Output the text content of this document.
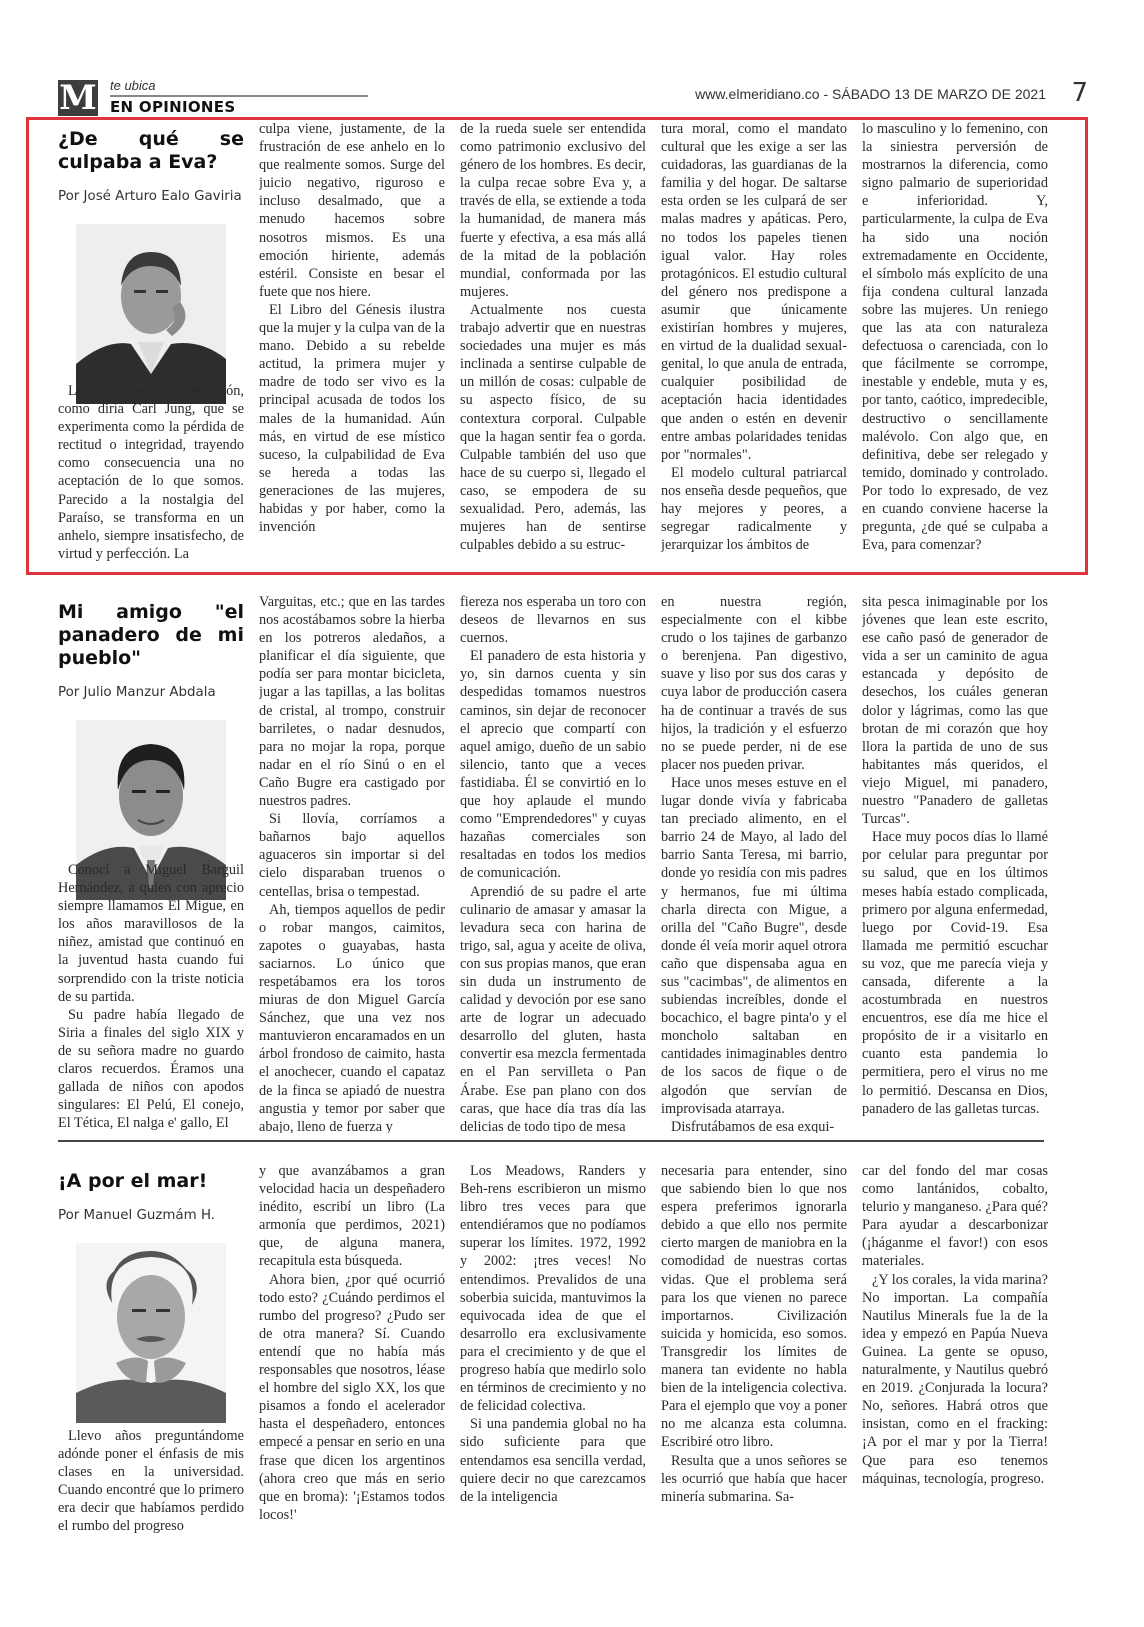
M te ubica
EN OPINIONES
www.elmeridiano.co - SÁBADO 13 DE MARZO DE 2021 7
¿De qué se culpaba a Eva?
Por José Arturo Ealo Gaviria

La culpa es una emoción, como diría Carl Jung, que se experimenta como la pérdida de rectitud o integridad, trayendo como consecuencia una no aceptación de lo que somos. Parecido a la nostalgia del Paraíso, se transforma en un anhelo, siempre insatisfecho, de virtud y perfección. La

culpa viene, justamente, de la frustración de ese anhelo en lo que realmente somos. Surge del juicio negativo, riguroso e incluso desalmado, que a menudo hacemos sobre nosotros mismos. Es una emoción hiriente, además estéril. Consiste en besar el fuete que nos hiere.

El Libro del Génesis ilustra que la mujer y la culpa van de la mano. Debido a su rebelde actitud, la primera mujer y madre de todo ser vivo es la principal acusada de todos los males de la humanidad. Aún más, en virtud de ese místico suceso, la culpabilidad de Eva se hereda a todas las generaciones de las mujeres, habidas y por haber, como la invención

de la rueda suele ser entendida como patrimonio exclusivo del género de los hombres. Es decir, la culpa recae sobre Eva y, a través de ella, se extiende a toda la humanidad, de manera más fuerte y efectiva, a esa más allá de la mitad de la población mundial, conformada por las mujeres.

Actualmente nos cuesta trabajo advertir que en nuestras sociedades una mujer es más inclinada a sentirse culpable de un millón de cosas: culpable de su aspecto físico, de su contextura corporal. Culpable que la hagan sentir fea o gorda. Culpable también del uso que hace de su cuerpo si, llegado el caso, se empodera de su sexualidad. Pero, además, las mujeres han de sentirse culpables debido a su estruc-

tura moral, como el mandato cultural que les exige a ser las cuidadoras, las guardianas de la familia y del hogar. De saltarse esta orden se les culpará de ser malas madres y apáticas. Pero, no todos los papeles tienen igual valor. Hay roles protagónicos. El estudio cultural del género nos predispone a asumir que únicamente existirían hombres y mujeres, en virtud de la dualidad sexual-genital, lo que anula de entrada, cualquier posibilidad de aceptación hacia identidades que anden o estén en devenir entre ambas polaridades tenidas por "normales".

El modelo cultural patriarcal nos enseña desde pequeños, que hay mejores y peores, a segregar radicalmente y jerarquizar los ámbitos de

lo masculino y lo femenino, con la siniestra perversión de mostrarnos la diferencia, como signo palmario de superioridad e inferioridad. Y, particularmente, la culpa de Eva ha sido una noción extremadamente en Occidente, el símbolo más explícito de una fija condena cultural lanzada sobre las mujeres. Un reniego que las ata con naturaleza defectuosa o carenciada, con lo que fácilmente se corrompe, inestable y endeble, muta y es, por tanto, caótico, impredecible, destructivo o sencillamente malévolo. Con algo que, en definitiva, debe ser relegado y temido, dominado y controlado. Por todo lo expresado, de vez en cuando conviene hacerse la pregunta, ¿de qué se culpaba a Eva, para comenzar?

Mi amigo "el panadero de mi pueblo"
Por Julio Manzur Abdala

Conocí a Miguel Barguil Hernández, a quien con aprecio siempre llamamos El Migue, en los años maravillosos de la niñez, amistad que continuó en la juventud hasta cuando fui sorprendido con la triste noticia de su partida.

Su padre había llegado de Siria a finales del siglo XIX y de su señora madre no guardo claros recuerdos. Éramos una gallada de niños con apodos singulares: El Pelú, El conejo, El Tética, El nalga e' gallo, El

Varguitas, etc.; que en las tardes nos acostábamos sobre la hierba en los potreros aledaños, a planificar el día siguiente, que podía ser para montar bicicleta, jugar a las tapillas, a las bolitas de cristal, al trompo, construir barriletes, o nadar desnudos, para no mojar la ropa, porque nadar en el río Sinú o en el Caño Bugre era castigado por nuestros padres.

Si llovía, corríamos a bañarnos bajo aquellos aguaceros sin importar si del cielo disparaban truenos o centellas, brisa o tempestad.

Ah, tiempos aquellos de pedir o robar mangos, caimitos, zapotes o guayabas, hasta saciarnos. Lo único que respetábamos era los toros miuras de don Miguel García Sánchez, que una vez nos mantuvieron encaramados en un árbol frondoso de caimito, hasta el anochecer, cuando el capataz de la finca se apiadó de nuestra angustia y temor por saber que abajo, lleno de fuerza y

fiereza nos esperaba un toro con deseos de llevarnos en sus cuernos.

El panadero de esta historia y yo, sin darnos cuenta y sin despedidas tomamos nuestros caminos, sin dejar de reconocer el aprecio que compartí con aquel amigo, dueño de un sabio silencio, tanto que a veces fastidiaba. Él se convirtió en lo que hoy aplaude el mundo como "Emprendedores" y cuyas hazañas comerciales son resaltadas en todos los medios de comunicación.

Aprendió de su padre el arte culinario de amasar y amasar la levadura seca con harina de trigo, sal, agua y aceite de oliva, con sus propias manos, que eran sin duda un instrumento de calidad y devoción por ese sano arte de lograr un adecuado desarrollo del gluten, hasta convertir esa mezcla fermentada en el Pan servilleta o Pan Árabe. Ese pan plano con dos caras, que hace día tras día las delicias de todo tipo de mesa

en nuestra región, especialmente con el kibbe crudo o los tajines de garbanzo o berenjena. Pan digestivo, suave y liso por sus dos caras y cuya labor de producción casera ha de continuar a través de sus hijos, la tradición y el esfuerzo no se puede perder, ni de ese placer nos pueden privar.

Hace unos meses estuve en el lugar donde vivía y fabricaba tan preciado alimento, en el barrio 24 de Mayo, al lado del barrio Santa Teresa, mi barrio, donde yo residía con mis padres y hermanos, fue mi última charla directa con Migue, a orilla del "Caño Bugre", desde donde él veía morir aquel otrora caño que dispensaba agua en sus "cacimbas", de alimentos en subiendas increíbles, donde el bocachico, el bagre pinta'o y el moncholo saltaban en cantidades inimaginables dentro de los sacos de fique o de algodón que servían de improvisada atarraya.

Disfrutábamos de esa exqui-

sita pesca inimaginable por los jóvenes que lean este escrito, ese caño pasó de generador de vida a ser un caminito de agua estancada y depósito de desechos, los cuáles generan dolor y lágrimas, como las que brotan de mi corazón que hoy llora la partida de uno de sus habitantes más queridos, el viejo Miguel, mi panadero, nuestro "Panadero de galletas Turcas".

Hace muy pocos días lo llamé por celular para preguntar por su salud, que en los últimos meses había estado complicada, primero por alguna enfermedad, luego por Covid-19. Esa llamada me permitió escuchar su voz, que me parecía vieja y cansada, diferente a la acostumbrada en nuestros encuentros, ese día me hice el propósito de ir a visitarlo en cuanto esta pandemia lo permitiera, pero el virus no me lo permitió. Descansa en Dios, panadero de las galletas turcas.

¡A por el mar!
Por Manuel Guzmám H.

Llevo años preguntándome adónde poner el énfasis de mis clases en la universidad. Cuando encontré que lo primero era decir que habíamos perdido el rumbo del progreso

y que avanzábamos a gran velocidad hacia un despeñadero inédito, escribí un libro (La armonía que perdimos, 2021) que, de alguna manera, recapitula esta búsqueda.

Ahora bien, ¿por qué ocurrió todo esto? ¿Cuándo perdimos el rumbo del progreso? ¿Pudo ser de otra manera? Sí. Cuando entendí que no había más responsables que nosotros, léase el hombre del siglo XX, los que pisamos a fondo el acelerador hasta el despeñadero, entonces empecé a pensar en serio en una frase que dicen los argentinos (ahora creo que más en serio que en broma): '¡Estamos todos locos!'

Los Meadows, Randers y Beh-rens escribieron un mismo libro tres veces para que entendiéramos que no podíamos superar los límites. 1972, 1992 y 2002: ¡tres veces! No entendimos. Prevalidos de una soberbia suicida, mantuvimos la equivocada idea de que el desarrollo era exclusivamente para el crecimiento y de que el progreso había que medirlo solo en términos de crecimiento y no de felicidad colectiva.

Si una pandemia global no ha sido suficiente para que entendamos esa sencilla verdad, quiere decir no que carezcamos de la inteligencia

necesaria para entender, sino que sabiendo bien lo que nos espera preferimos ignorarla debido a que ello nos permite cierto margen de maniobra en la comodidad de nuestras cortas vidas. Que el problema será para los que vienen no parece importarnos. Civilización suicida y homicida, eso somos. Transgredir los límites de manera tan evidente no habla bien de la inteligencia colectiva. Para el ejemplo que voy a poner no me alcanza esta columna. Escribiré otro libro.

Resulta que a unos señores se les ocurrió que había que hacer minería submarina. Sa-

car del fondo del mar cosas como lantánidos, cobalto, telurio y manganeso. ¿Para qué? Para ayudar a descarbonizar (¡háganme el favor!) con esos materiales.

¿Y los corales, la vida marina? No importan. La compañía Nautilus Minerals fue la de la idea y empezó en Papúa Nueva Guinea. La gente se opuso, naturalmente, y Nautilus quebró en 2019. ¿Conjurada la locura? No, señores. Habrá otros que insistan, como en el fracking: ¡A por el mar y por la Tierra! Que para eso tenemos máquinas, tecnología, progreso.
